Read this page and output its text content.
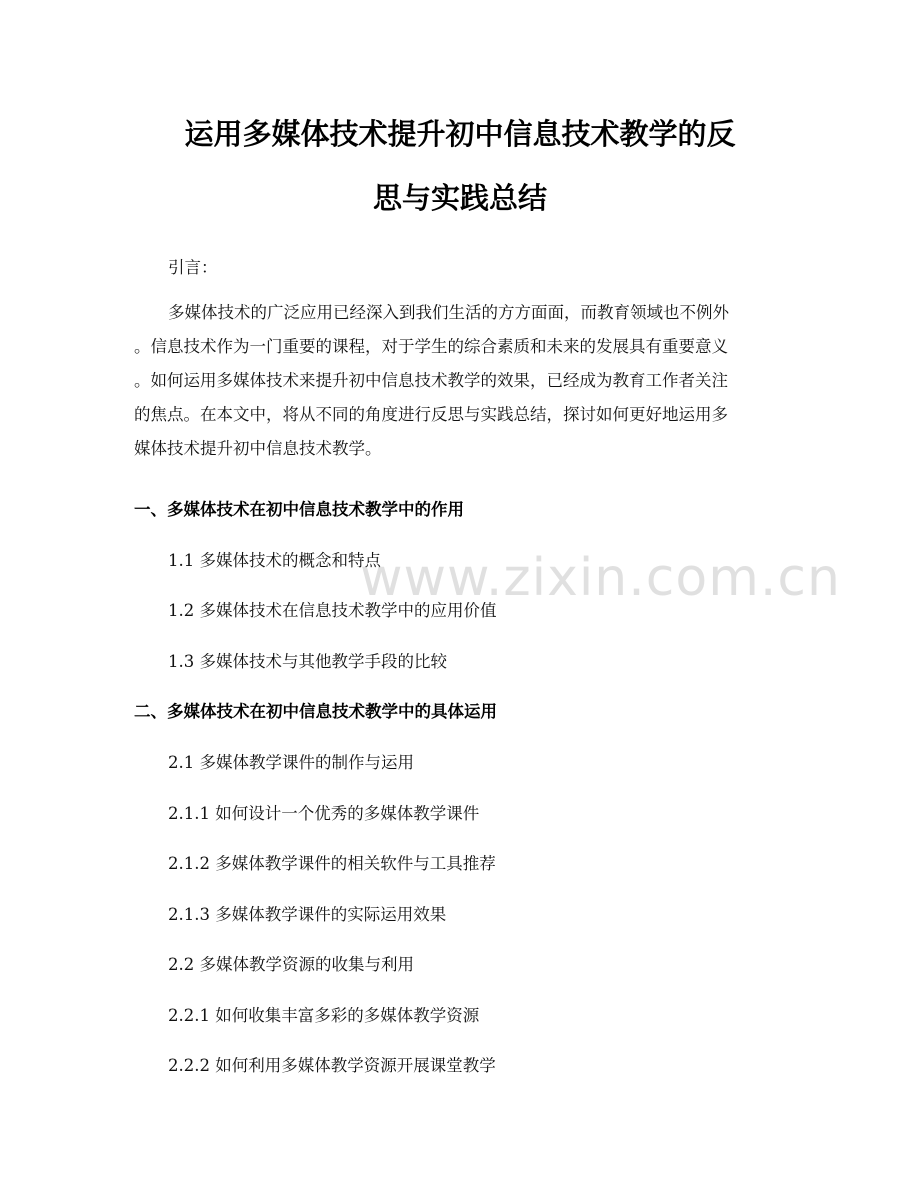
运用多媒体技术提升初中信息技术教学的反
思与实践总结

引言：

多媒体技术的广泛应用已经深入到我们生活的方方面面，而教育领域也不例外
。信息技术作为一门重要的课程，对于学生的综合素质和未来的发展具有重要意义
。如何运用多媒体技术来提升初中信息技术教学的效果，已经成为教育工作者关注
的焦点。在本文中，将从不同的角度进行反思与实践总结，探讨如何更好地运用多
媒体技术提升初中信息技术教学。
一、多媒体技术在初中信息技术教学中的作用

1.1 多媒体技术的概念和特点

1.2 多媒体技术在信息技术教学中的应用价值

1.3 多媒体技术与其他教学手段的比较

二、多媒体技术在初中信息技术教学中的具体运用

2.1 多媒体教学课件的制作与运用

2.1.1 如何设计一个优秀的多媒体教学课件

2.1.2 多媒体教学课件的相关软件与工具推荐

2.1.3 多媒体教学课件的实际运用效果

2.2 多媒体教学资源的收集与利用

2.2.1 如何收集丰富多彩的多媒体教学资源

2.2.2 如何利用多媒体教学资源开展课堂教学

www.zixin.com.cn
